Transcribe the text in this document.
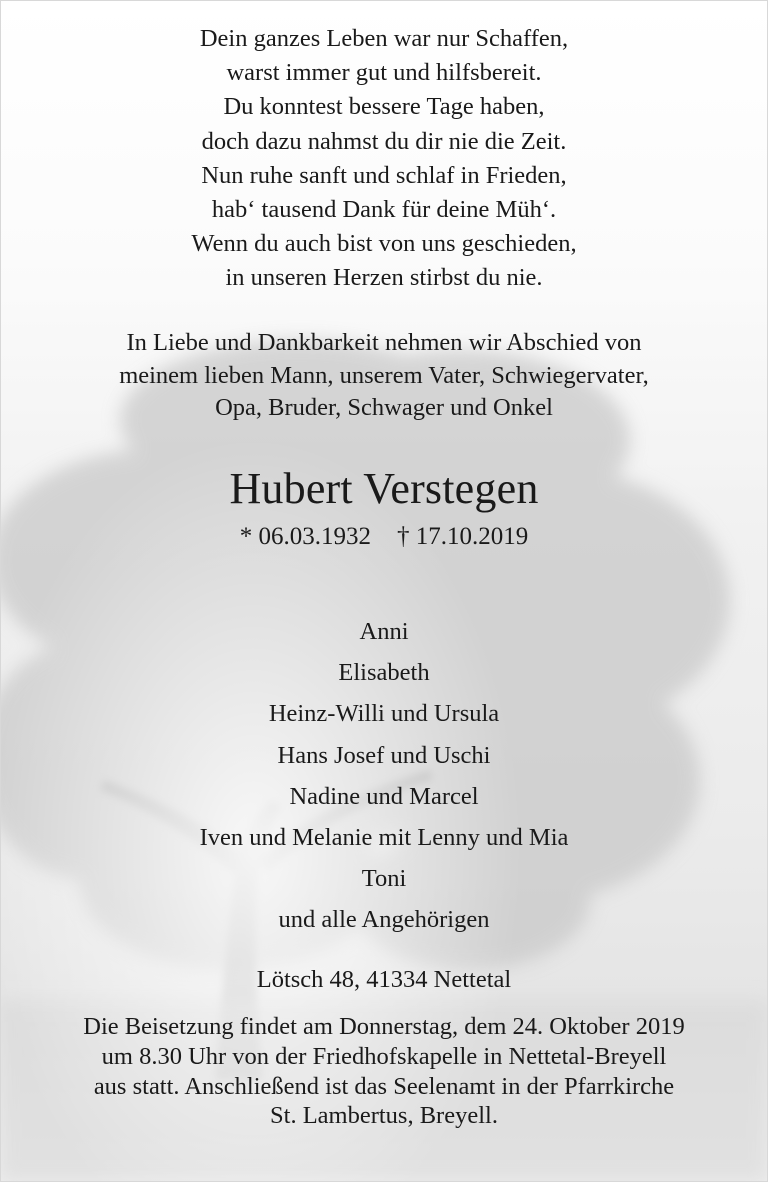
Dein ganzes Leben war nur Schaffen,
warst immer gut und hilfsbereit.
Du konntest bessere Tage haben,
doch dazu nahmst du dir nie die Zeit.
Nun ruhe sanft und schlaf in Frieden,
hab‘ tausend Dank für deine Müh‘.
Wenn du auch bist von uns geschieden,
in unseren Herzen stirbst du nie.
In Liebe und Dankbarkeit nehmen wir Abschied von
meinem lieben Mann, unserem Vater, Schwiegervater,
Opa, Bruder, Schwager und Onkel
Hubert Verstegen
* 06.03.1932 † 17.10.2019
Anni
Elisabeth
Heinz-Willi und Ursula
Hans Josef und Uschi
Nadine und Marcel
Iven und Melanie mit Lenny und Mia
Toni
und alle Angehörigen
Lötsch 48, 41334 Nettetal
Die Beisetzung findet am Donnerstag, dem 24. Oktober 2019
um 8.30 Uhr von der Friedhofskapelle in Nettetal-Breyell
aus statt. Anschließend ist das Seelenamt in der Pfarrkirche
St. Lambertus, Breyell.
